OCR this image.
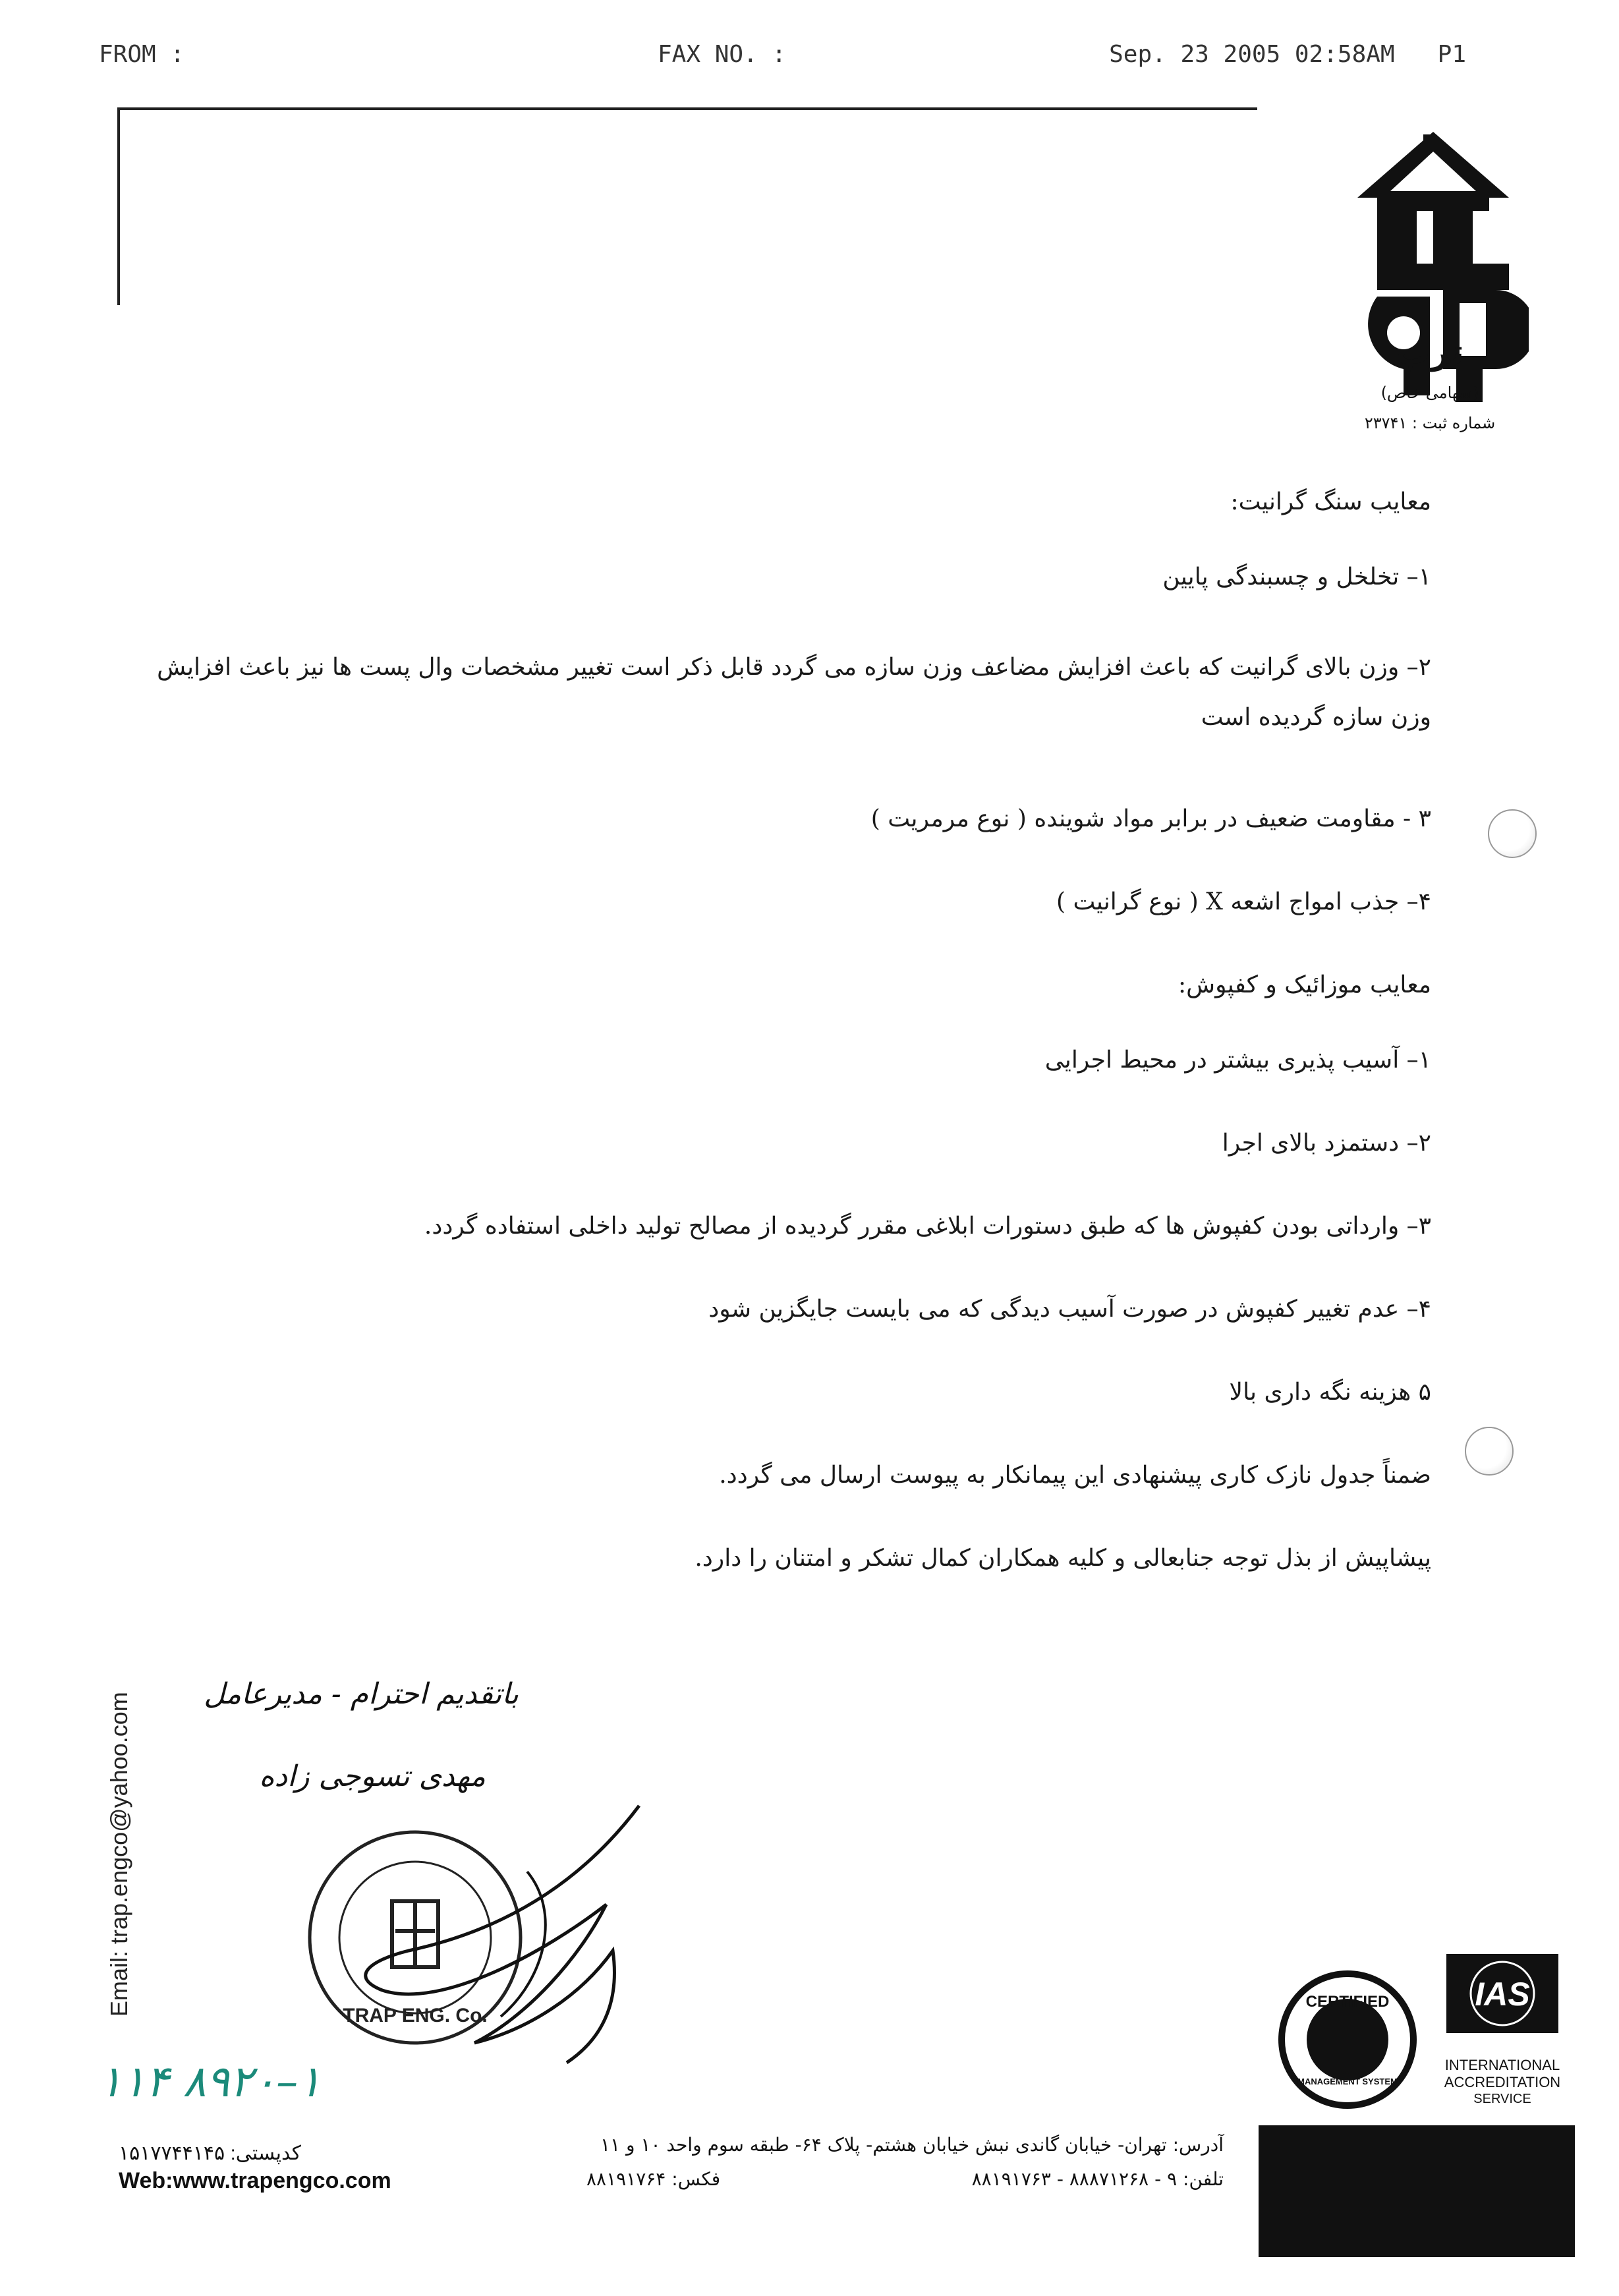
FROM :	FAX NO. :	Sep. 23 2005 02:58AM P1
ترپ
(سهامی خاص)
شماره ثبت : ۲۳۷۴۱

معایب سنگ گرانیت:

۱– تخلخل و چسبندگی پایین

۲– وزن بالای گرانیت که باعث افزایش مضاعف وزن سازه می گردد قابل ذکر است تغییر مشخصات وال پست ها نیز باعث افزایش وزن سازه گردیده است

۳ - مقاومت ضعیف در برابر مواد شوینده ( نوع مرمریت )

۴– جذب امواج اشعه X ( نوع گرانیت )

معایب موزائیک و کفپوش:

۱– آسیب پذیری بیشتر در محیط اجرایی

۲– دستمزد بالای اجرا

۳– وارداتی بودن کفپوش ها که طبق دستورات ابلاغی مقرر گردیده از مصالح تولید داخلی استفاده گردد.

۴– عدم تغییر کفپوش در صورت آسیب دیدگی که می بایست جایگزین شود

۵ هزینه نگه داری بالا

ضمناً جدول نازک کاری پیشنهادی این پیمانکار به پیوست ارسال می گردد.

پیشاپیش از بذل توجه جنابعالی و کلیه همکاران کمال تشکر و امتنان را دارد.

Email: trap.engco@yahoo.com باتقدیم احترام - مدیرعامل
مهدی تسوجی زاده
TRAP ENG. Co.
۱۱۴ ۸۹۲۰–۱
CERTIFIED
MANAGEMENT SYSTEM
IAS
INTERNATIONAL
ACCREDITATION
SERVICE
آدرس: تهران- خیابان گاندی نبش خیابان هشتم- پلاک ۶۴- طبقه سوم واحد ۱۰ و ۱۱
تلفن: ۹ - ۸۸۸۷۱۲۶۸ - ۸۸۱۹۱۷۶۳
فکس: ۸۸۱۹۱۷۶۴
کدپستی: ۱۵۱۷۷۴۴۱۴۵
Web:www.trapengco.com
